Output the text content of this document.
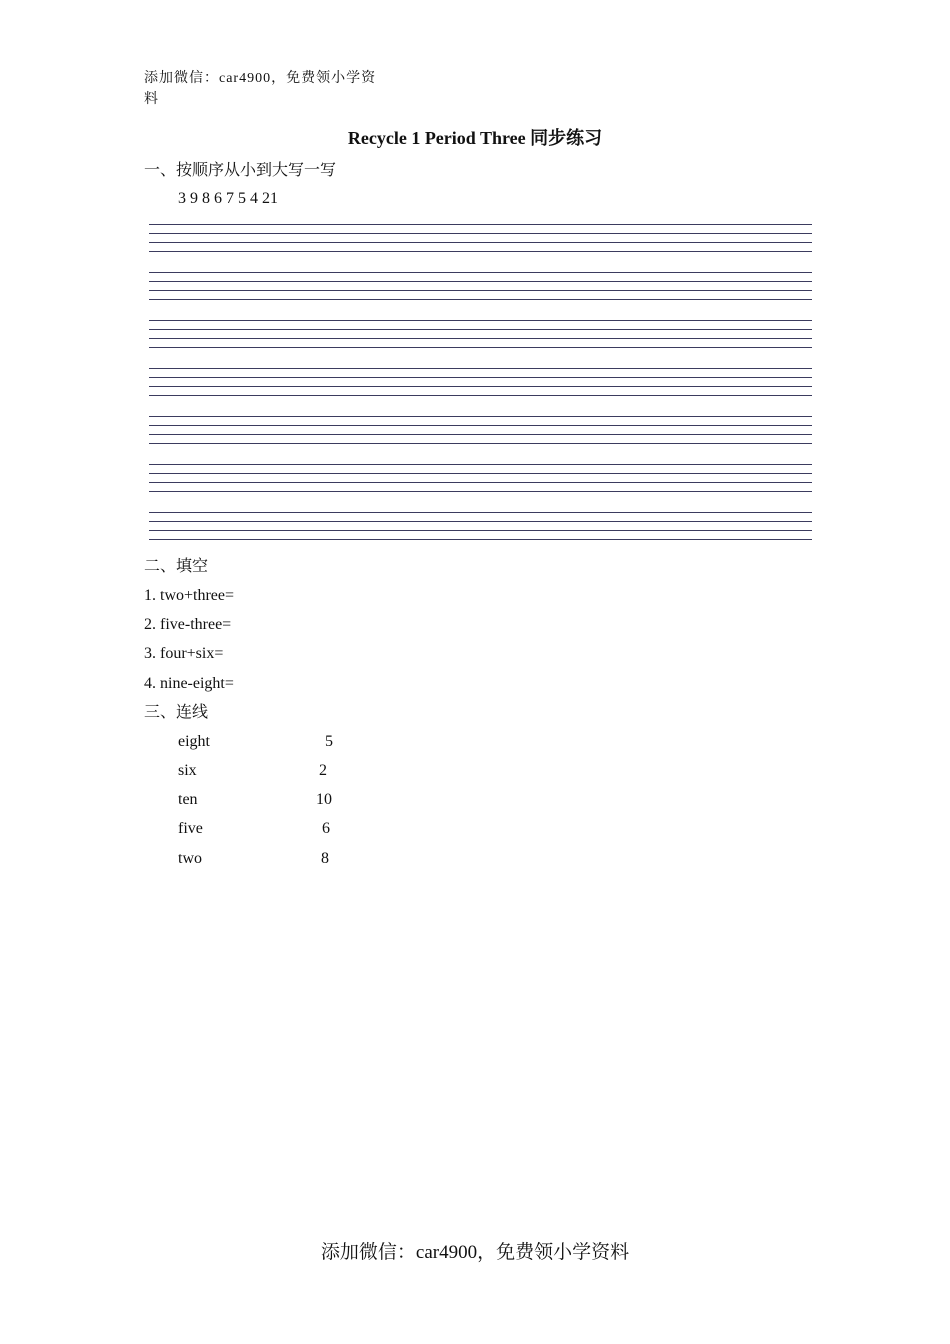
添加微信：car4900，免费领小学资料
Recycle 1 Period Three 同步练习
一、按顺序从小到大写一写
3 9 8 6 7 5 4 21
二、填空
1. two+three=
2. five-three=
3. four+six=
4. nine-eight=
三、连线
eight	5
six	2
ten	10
five	6
two	8
添加微信：car4900，免费领小学资料
